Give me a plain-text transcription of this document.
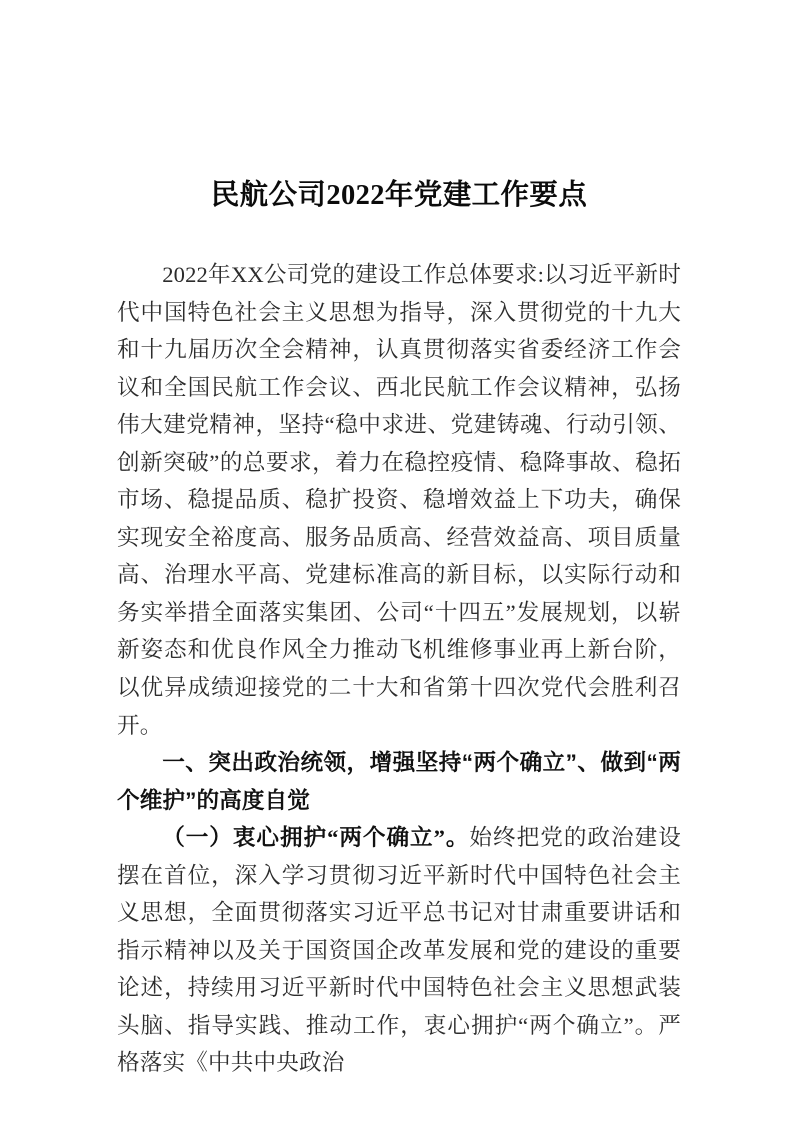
民航公司2022年党建工作要点

2022年XX公司党的建设工作总体要求:以习近平新时代中国特色社会主义思想为指导，深入贯彻党的十九大和十九届历次全会精神，认真贯彻落实省委经济工作会议和全国民航工作会议、西北民航工作会议精神，弘扬伟大建党精神，坚持“稳中求进、党建铸魂、行动引领、创新突破”的总要求，着力在稳控疫情、稳降事故、稳拓市场、稳提品质、稳扩投资、稳增效益上下功夫，确保实现安全裕度高、服务品质高、经营效益高、项目质量高、治理水平高、党建标准高的新目标，以实际行动和务实举措全面落实集团、公司“十四五”发展规划，以崭新姿态和优良作风全力推动飞机维修事业再上新台阶，以优异成绩迎接党的二十大和省第十四次党代会胜利召开。

一、突出政治统领，增强坚持“两个确立”、做到“两个维护”的高度自觉

（一）衷心拥护“两个确立”。始终把党的政治建设摆在首位，深入学习贯彻习近平新时代中国特色社会主义思想，全面贯彻落实习近平总书记对甘肃重要讲话和指示精神以及关于国资国企改革发展和党的建设的重要论述，持续用习近平新时代中国特色社会主义思想武装头脑、指导实践、推动工作，衷心拥护“两个确立”。严格落实《中共中央政治
